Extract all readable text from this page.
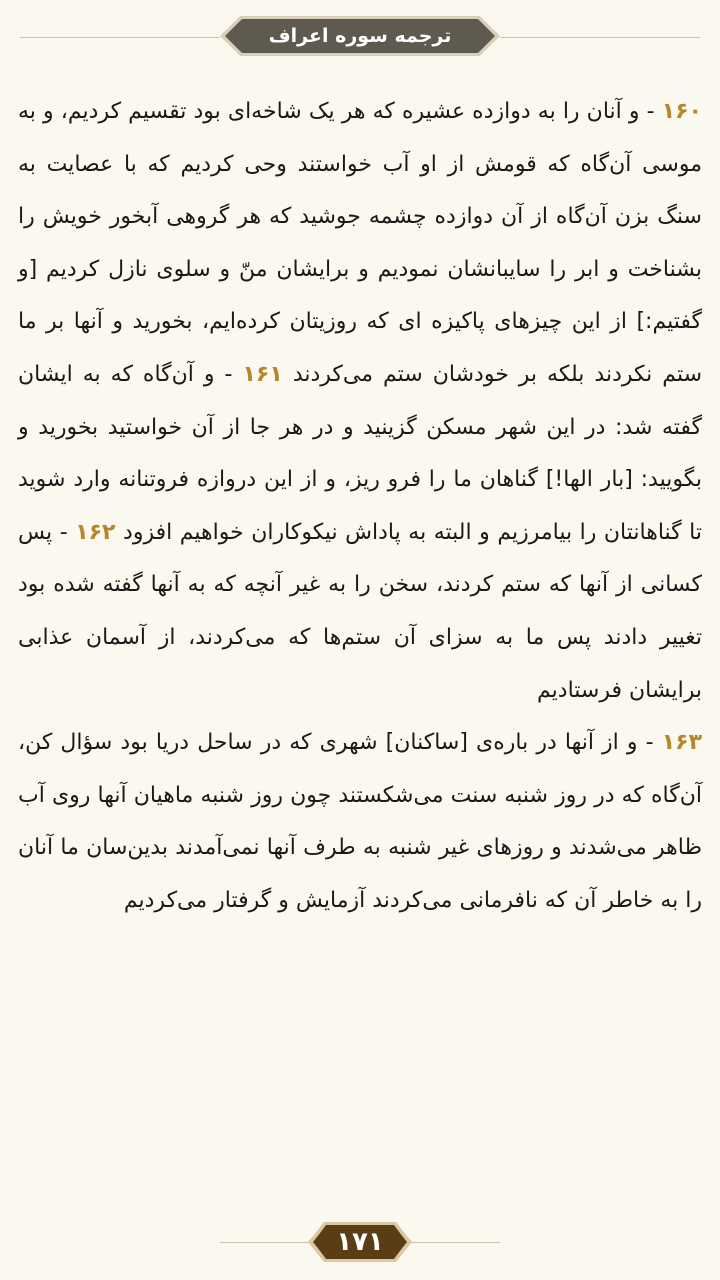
ترجمه سوره اعراف

۱۶۰ - و آنان را به دوازده عشیره که هر یک شاخه‌ای بود تقسیم کردیم، و به موسی آن‌گاه که قومش از او آب خواستند وحی کردیم که با عصایت به سنگ بزن آن‌گاه از آن دوازده چشمه جوشید که هر گروهی آبخور خویش را بشناخت و ابر را سایبانشان نمودیم و برایشان منّ و سلوی نازل کردیم [و گفتیم:] از این چیزهای پاکیزه ای که روزیتان کرده‌ایم، بخورید و آنها بر ما ستم نکردند بلکه بر خودشان ستم می‌کردند ۱۶۱ - و آن‌گاه که به ایشان گفته شد: در این شهر مسکن گزینید و در هر جا از آن خواستید بخورید و بگویید: [بار الها!] گناهان ما را فرو ریز، و از این دروازه فروتنانه وارد شوید تا گناهانتان را بیامرزیم و البته به پاداش نیکوکاران خواهیم افزود ۱۶۲ - پس کسانی از آنها که ستم کردند، سخن را به غیر آنچه که به آنها گفته شده بود تغییر دادند پس ما به سزای آن ستم‌ها که می‌کردند، از آسمان عذابی برایشان فرستادیم

۱۶۳ - و از آنها در باره‌ی [ساکنان] شهری که در ساحل دریا بود سؤال کن، آن‌گاه که در روز شنبه سنت می‌شکستند چون روز شنبه ماهیان آنها روی آب ظاهر می‌شدند و روزهای غیر شنبه به طرف آنها نمی‌آمدند بدین‌سان ما آنان را به خاطر آن که نافرمانی می‌کردند آزمایش و گرفتار می‌کردیم

۱۷۱
